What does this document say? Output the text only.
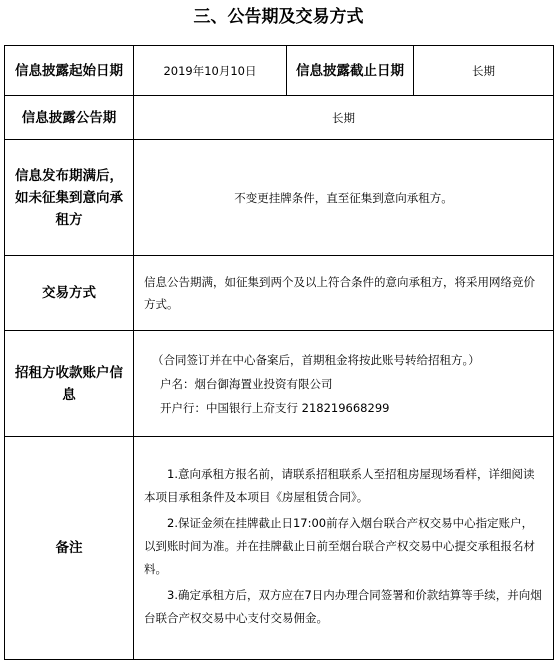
三、公告期及交易方式
信息披露起始日期	2019年10月10日	信息披露截止日期	长期
信息披露公告期	长期		
信息发布期满后，如未征集到意向承租方	不变更挂牌条件，直至征集到意向承租方。		
交易方式	信息公告期满，如征集到两个及以上符合条件的意向承租方，将采用网络竞价方式。		
招租方收款账户信息	（合同签订并在中心备案后，首期租金将按此账号转给招租方。）

户名：烟台御海置业投资有限公司

开户行：中国银行上夼支行 218219668299		

备注	1.意向承租方报名前，请联系招租联系人至招租房屋现场看样，详细阅读本项目承租条件及本项目《房屋租赁合同》。

2.保证金须在挂牌截止日17:00前存入烟台联合产权交易中心指定账户，以到账时间为准。并在挂牌截止日前至烟台联合产权交易中心提交承租报名材料。

3.确定承租方后，双方应在7日内办理合同签署和价款结算等手续，并向烟台联合产权交易中心支付交易佣金。		
